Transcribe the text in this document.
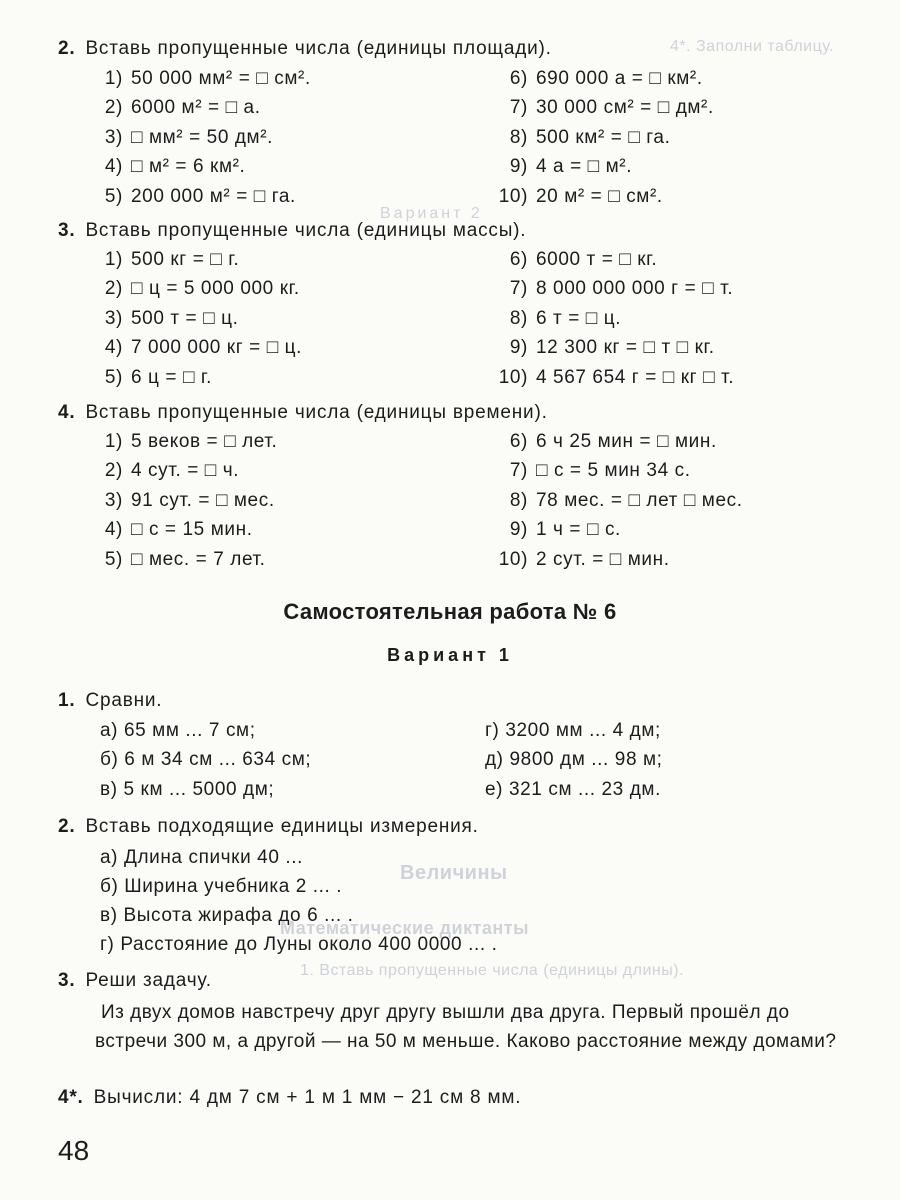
4*. Заполни таблицу.
Вариант 2
Величины
Математические диктанты
1. Вставь пропущенные числа (единицы длины).
2. Вставь пропущенные числа (единицы площади).
1) 50 000 мм² = □ см².	6) 690 000 а = □ км².
2) 6000 м² = □ а.	7) 30 000 см² = □ дм².
3) □ мм² = 50 дм².	8) 500 км² = □ га.
4) □ м² = 6 км².	9) 4 а = □ м².
5) 200 000 м² = □ га.	10) 20 м² = □ см².
3. Вставь пропущенные числа (единицы массы).
1) 500 кг = □ г.	6) 6000 т = □ кг.
2) □ ц = 5 000 000 кг.	7) 8 000 000 000 г = □ т.
3) 500 т = □ ц.	8) 6 т = □ ц.
4) 7 000 000 кг = □ ц.	9) 12 300 кг = □ т □ кг.
5) 6 ц = □ г.	10) 4 567 654 г = □ кг □ т.
4. Вставь пропущенные числа (единицы времени).
1) 5 веков = □ лет.	6) 6 ч 25 мин = □ мин.
2) 4 сут. = □ ч.	7) □ с = 5 мин 34 с.
3) 91 сут. = □ мес.	8) 78 мес. = □ лет □ мес.
4) □ с = 15 мин.	9) 1 ч = □ с.
5) □ мес. = 7 лет.	10) 2 сут. = □ мин.
Самостоятельная работа № 6
Вариант 1
1. Сравни.
а) 65 мм ... 7 см;	г) 3200 мм ... 4 дм;
б) 6 м 34 см ... 634 см;	д) 9800 дм ... 98 м;
в) 5 км ... 5000 дм;	е) 321 см ... 23 дм.
2. Вставь подходящие единицы измерения.
а) Длина спички 40 ...
б) Ширина учебника 2 ... .
в) Высота жирафа до 6 ... .
г) Расстояние до Луны около 400 0000 ... .
3. Реши задачу.

Из двух домов навстречу друг другу вышли два друга. Первый прошёл до встречи 300 м, а другой — на 50 м меньше. Каково расстояние между домами?

4*. Вычисли: 4 дм 7 см + 1 м 1 мм − 21 см 8 мм.
48
